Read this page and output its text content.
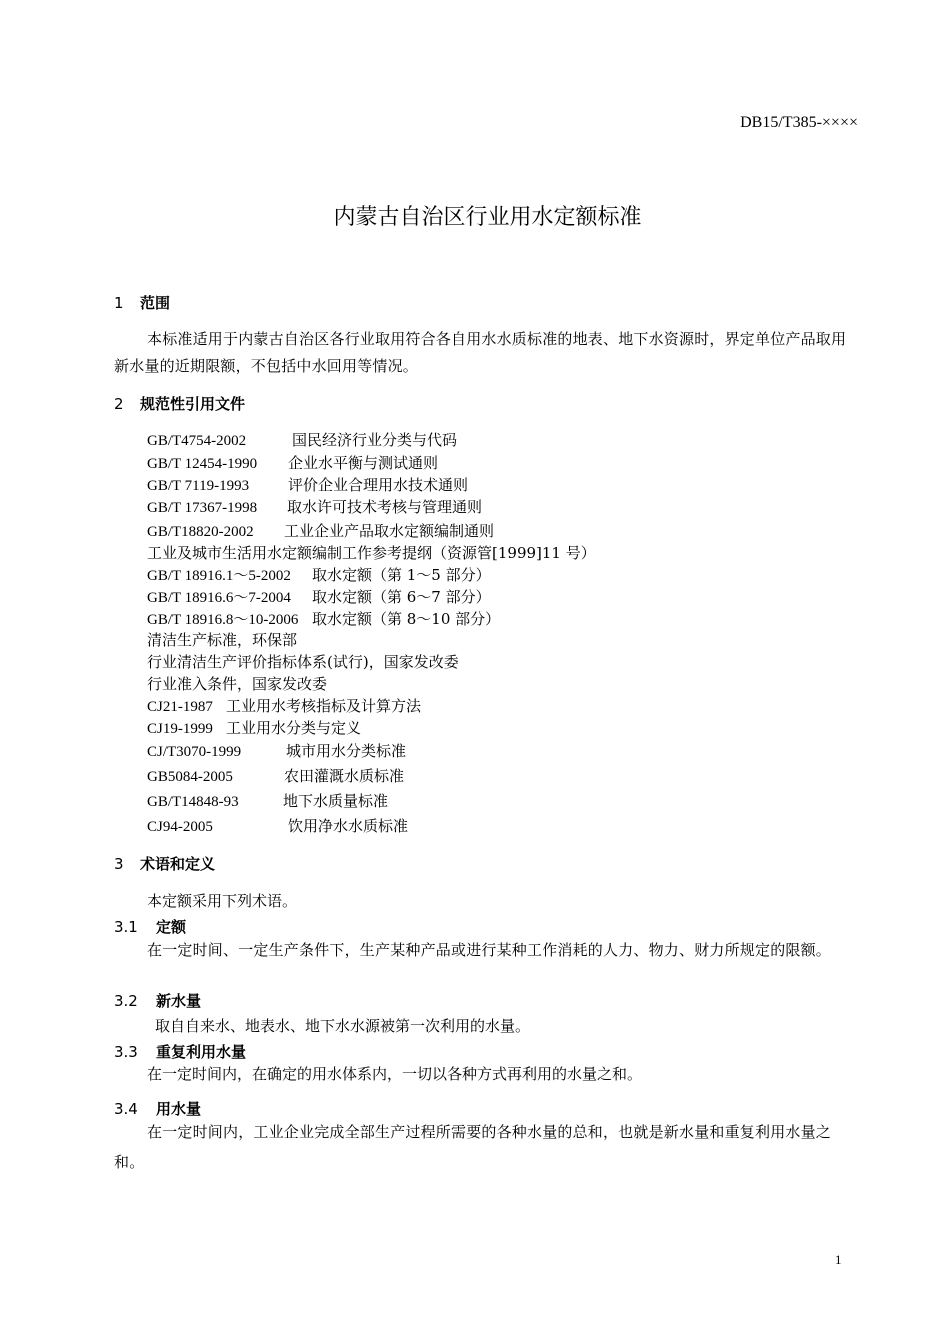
DB15/T385-××××
内蒙古自治区行业用水定额标准
1 范围
本标准适用于内蒙古自治区各行业取用符合各自用水水质标准的地表、地下水资源时，界定单位产品取用新水量的近期限额，不包括中水回用等情况。
2 规范性引用文件
GB/T4754-2002	国民经济行业分类与代码
GB/T 12454-1990 企业水平衡与测试通则
GB/T 7119-1993	评价企业合理用水技术通则
GB/T 17367-1998 取水许可技术考核与管理通则
GB/T18820-2002 工业企业产品取水定额编制通则
工业及城市生活用水定额编制工作参考提纲（资源管[1999]11 号）
GB/T 18916.1～5-2002 取水定额（第 1～5 部分）
GB/T 18916.6～7-2004 取水定额（第 6～7 部分）
GB/T 18916.8～10-2006 取水定额（第 8～10 部分）
清洁生产标准，环保部
行业清洁生产评价指标体系(试行)，国家发改委
行业准入条件，国家发改委
CJ21-1987 工业用水考核指标及计算方法
CJ19-1999 工业用水分类与定义
CJ/T3070-1999	城市用水分类标准
GB5084-2005	农田灌溉水质标准
GB/T14848-93	地下水质量标准
CJ94-2005	饮用净水水质标准
3 术语和定义
本定额采用下列术语。
3.1 定额
在一定时间、一定生产条件下，生产某种产品或进行某种工作消耗的人力、物力、财力所规定的限额。
3.2 新水量
取自自来水、地表水、地下水水源被第一次利用的水量。
3.3 重复利用水量
在一定时间内，在确定的用水体系内，一切以各种方式再利用的水量之和。
3.4 用水量
在一定时间内，工业企业完成全部生产过程所需要的各种水量的总和，也就是新水量和重复利用水量之和。
1
